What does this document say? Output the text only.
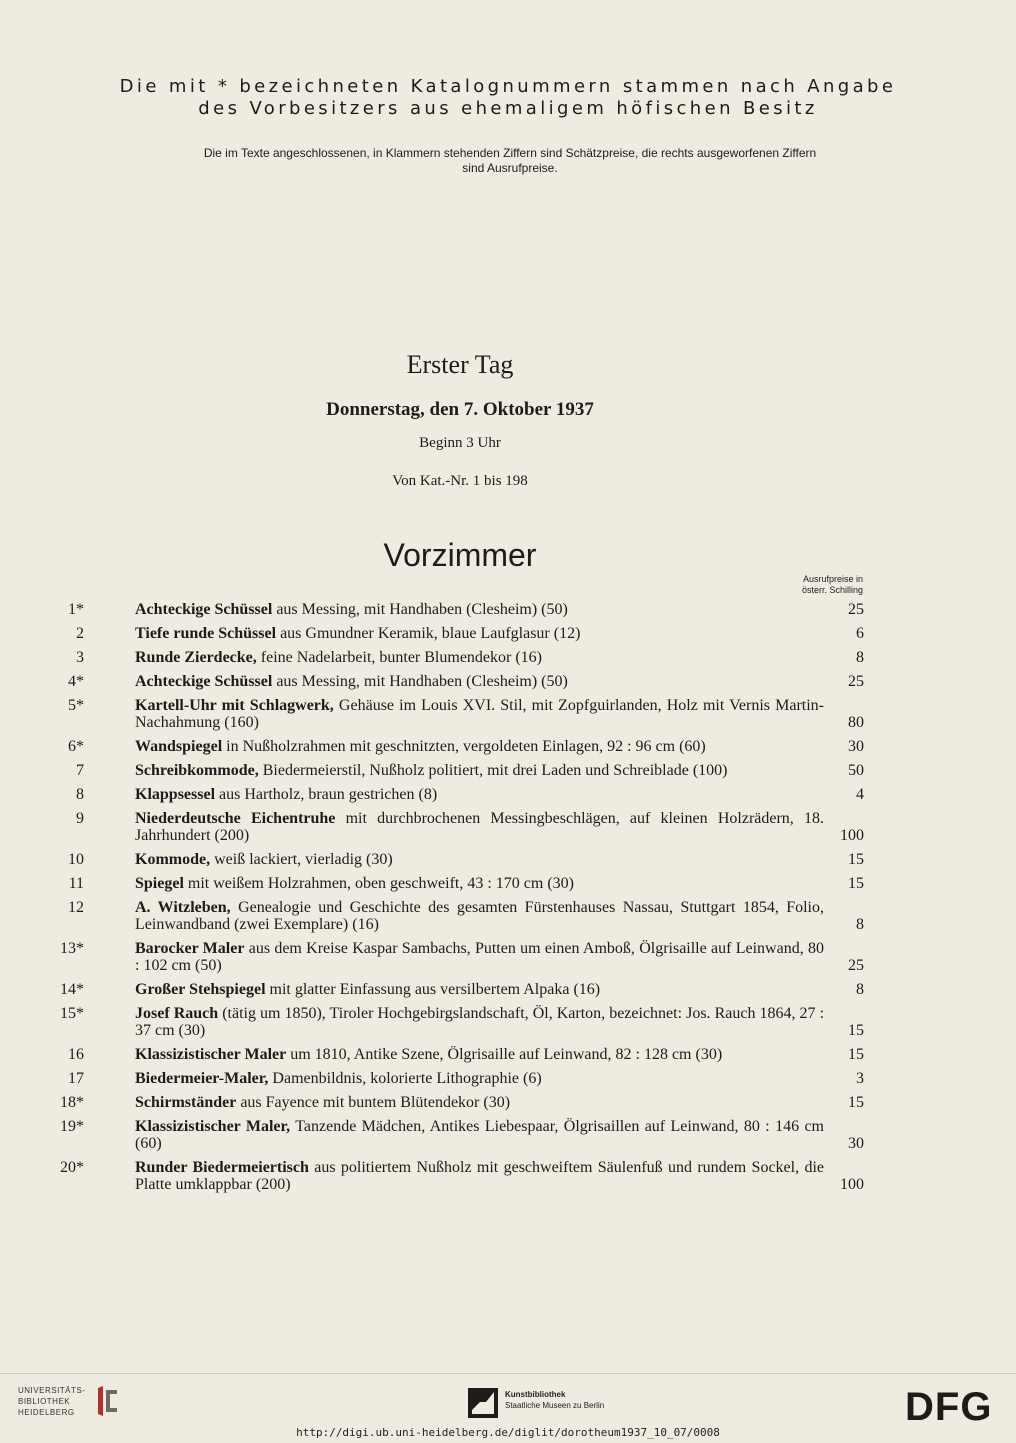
Die mit * bezeichneten Katalognummern stammen nach Angabe
des Vorbesitzers aus ehemaligem höfischen Besitz
Die im Texte angeschlossenen, in Klammern stehenden Ziffern sind Schätzpreise, die rechts ausgeworfenen Ziffern
sind Ausrufpreise.
Erster Tag
Donnerstag, den 7. Oktober 1937
Beginn 3 Uhr
Von Kat.-Nr. 1 bis 198
Vorzimmer
Ausrufpreise in
österr. Schilling
1*	Achteckige Schüssel aus Messing, mit Handhaben (Clesheim) (50)	25
2	Tiefe runde Schüssel aus Gmundner Keramik, blaue Laufglasur (12)	6
3	Runde Zierdecke, feine Nadelarbeit, bunter Blumendekor (16)	8
4*	Achteckige Schüssel aus Messing, mit Handhaben (Clesheim) (50)	25
5*	Kartell-Uhr mit Schlagwerk, Gehäuse im Louis XVI. Stil, mit Zopfguirlanden, Holz mit Vernis Martin-Nachahmung (160)	80
6*	Wandspiegel in Nußholzrahmen mit geschnitzten, vergoldeten Einlagen, 92 : 96 cm (60)	30
7	Schreibkommode, Biedermeierstil, Nußholz politiert, mit drei Laden und Schreiblade (100)	50
8	Klappsessel aus Hartholz, braun gestrichen (8)	4
9	Niederdeutsche Eichentruhe mit durchbrochenen Messingbeschlägen, auf kleinen Holzrädern, 18. Jahrhundert (200)	100
10	Kommode, weiß lackiert, vierladig (30)	15
11	Spiegel mit weißem Holzrahmen, oben geschweift, 43 : 170 cm (30)	15
12	A. Witzleben, Genealogie und Geschichte des gesamten Fürstenhauses Nassau, Stuttgart 1854, Folio, Leinwandband (zwei Exemplare) (16)	8
13*	Barocker Maler aus dem Kreise Kaspar Sambachs, Putten um einen Amboß, Ölgrisaille auf Leinwand, 80 : 102 cm (50)	25
14*	Großer Stehspiegel mit glatter Einfassung aus versilbertem Alpaka (16)	8
15*	Josef Rauch (tätig um 1850), Tiroler Hochgebirgslandschaft, Öl, Karton, bezeichnet: Jos. Rauch 1864, 27 : 37 cm (30)	15
16	Klassizistischer Maler um 1810, Antike Szene, Ölgrisaille auf Leinwand, 82 : 128 cm (30)	15
17	Biedermeier-Maler, Damenbildnis, kolorierte Lithographie (6)	3
18*	Schirmständer aus Fayence mit buntem Blütendekor (30)	15
19*	Klassizistischer Maler, Tanzende Mädchen, Antikes Liebespaar, Ölgrisaillen auf Leinwand, 80 : 146 cm (60)	30
20*	Runder Biedermeiertisch aus politiertem Nußholz mit geschweiftem Säulenfuß und rundem Sockel, die Platte umklappbar (200)	100
UNIVERSITÄTS-
BIBLIOTHEK
HEIDELBERG
Kunstbibliothek
Staatliche Museen zu Berlin	DFG
http://digi.ub.uni-heidelberg.de/diglit/dorotheum1937_10_07/0008
